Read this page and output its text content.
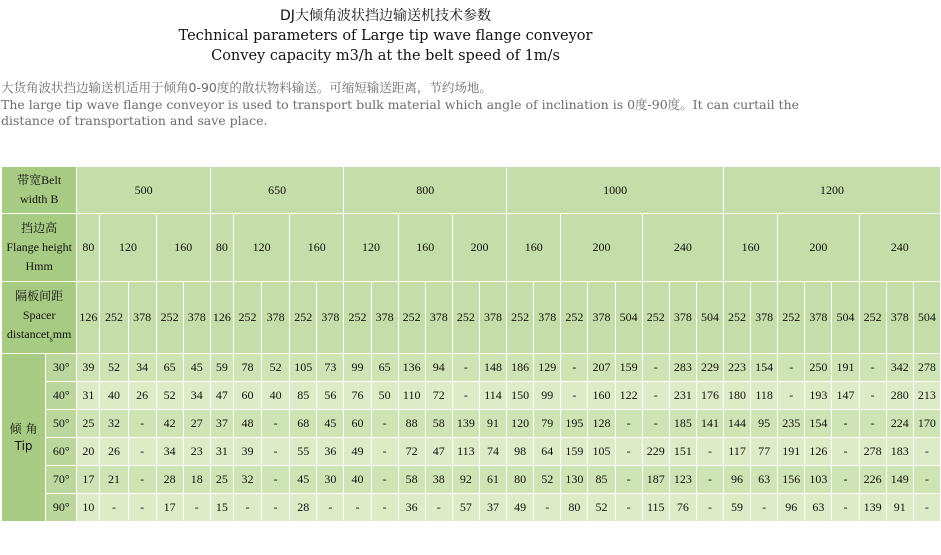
DJ大倾角波状挡边输送机技术参数
Technical parameters of Large tip wave flange conveyor
Convey capacity m3/h at the belt speed of 1m/s
大货角波状挡边输送机适用于倾角0-90度的散状物料输送。可缩短输送距离，节约场地。
The large tip wave flange conveyor is used to transport bulk material which angle of inclination is 0度-90度。It can curtail the distance of transportation and save place.
带宽Belt
width B		500					650					800						1000								1200							
挡边高
Flange height
Hmm		80	120		160		80	120		160		120		160		200		160		200			240			160		200			240		
隔板间距
Spacer
distancet$_s$mm		126	252	378	252	378	126	252	378	252	378	252	378	252	378	252	378	252	378	252	378	504	252	378	504	252	378	252	378	504	252	378	504
倾 角
Tip	30°	39	52	34	65	45	59	78	52	105	73	99	65	136	94	-	148	186	129	-	207	159	-	283	229	223	154	-	250	191	-	342	278
	40°	31	40	26	52	34	47	60	40	85	56	76	50	110	72	-	114	150	99	-	160	122	-	231	176	180	118	-	193	147	-	280	213
	50°	25	32	-	42	27	37	48	-	68	45	60	-	88	58	139	91	120	79	195	128	-	-	185	141	144	95	235	154	-	-	224	170
	60°	20	26	-	34	23	31	39	-	55	36	49	-	72	47	113	74	98	64	159	105	-	229	151	-	117	77	191	126	-	278	183	-
	70°	17	21	-	28	18	25	32	-	45	30	40	-	58	38	92	61	80	52	130	85	-	187	123	-	96	63	156	103	-	226	149	-
	90°	10	-	-	17	-	15	-	-	28	-	-	-	36	-	57	37	49	-	80	52	-	115	76	-	59	-	96	63	-	139	91	-
